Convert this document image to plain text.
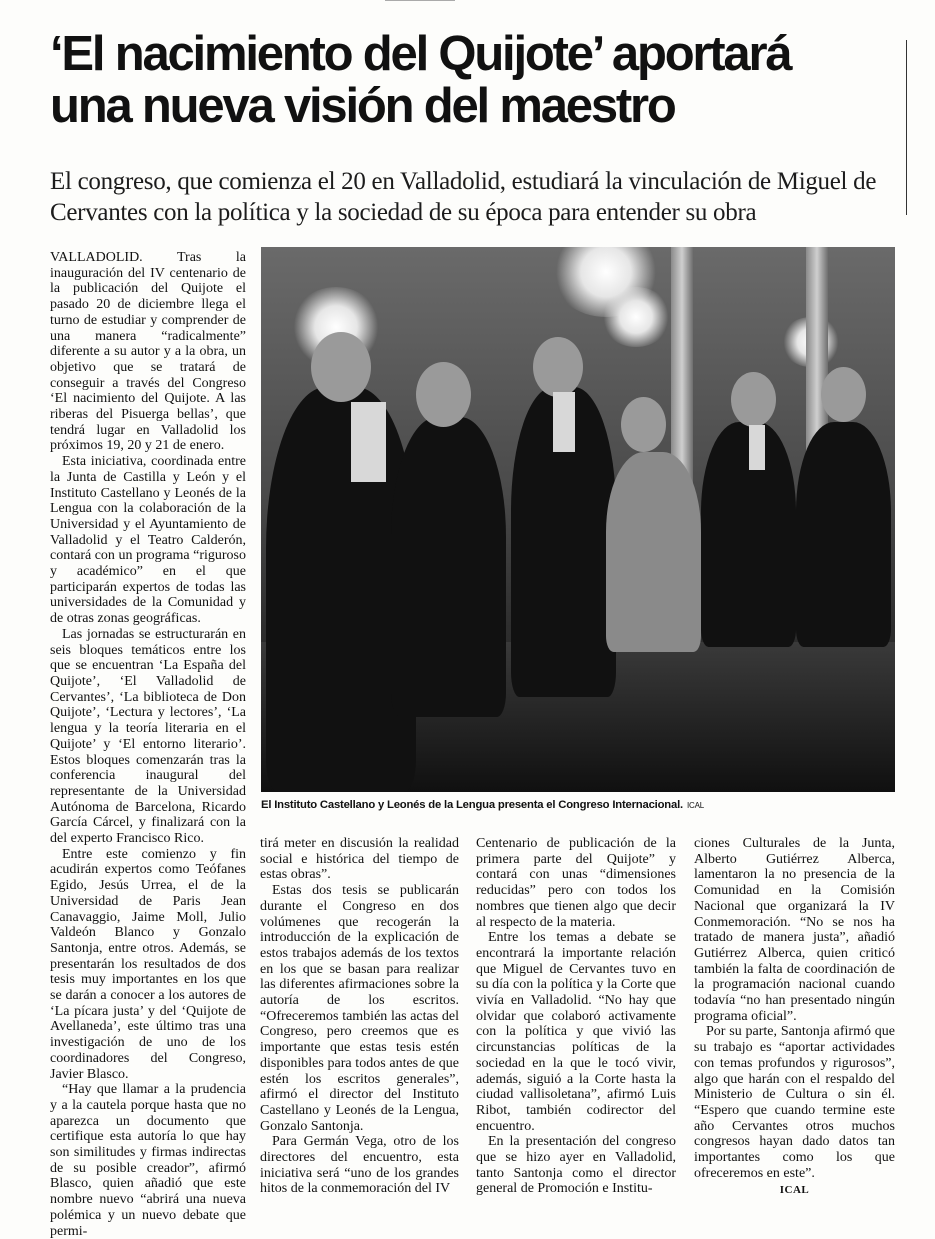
‘El nacimiento del Quijote’ aportará
una nueva visión del maestro

El congreso, que comienza el 20 en Valladolid, estudiará la vinculación de Miguel de Cervantes con la política y la sociedad de su época para entender su obra

VALLADOLID. Tras la inauguración del IV centenario de la publicación del Quijote el pasado 20 de diciembre llega el turno de estudiar y comprender de una manera “radicalmente” diferente a su autor y a la obra, un objetivo que se tratará de conseguir a través del Congreso ‘El nacimiento del Quijote. A las riberas del Pisuerga bellas’, que tendrá lugar en Valladolid los próximos 19, 20 y 21 de enero.

Esta iniciativa, coordinada entre la Junta de Castilla y León y el Instituto Castellano y Leonés de la Lengua con la colaboración de la Universidad y el Ayuntamiento de Valladolid y el Teatro Calderón, contará con un programa “riguroso y académico” en el que participarán expertos de todas las universidades de la Comunidad y de otras zonas geográficas.

Las jornadas se estructurarán en seis bloques temáticos entre los que se encuentran ‘La España del Quijote’, ‘El Valladolid de Cervantes’, ‘La biblioteca de Don Quijote’, ‘Lectura y lectores’, ‘La lengua y la teoría literaria en el Quijote’ y ‘El entorno literario’. Estos bloques comenzarán tras la conferencia inaugural del representante de la Universidad Autónoma de Barcelona, Ricardo García Cárcel, y finalizará con la del experto Francisco Rico.

Entre este comienzo y fin acudirán expertos como Teófanes Egido, Jesús Urrea, el de la Universidad de Paris Jean Canavaggio, Jaime Moll, Julio Valdeón Blanco y Gonzalo Santonja, entre otros. Además, se presentarán los resultados de dos tesis muy importantes en los que se darán a conocer a los autores de ‘La pícara justa’ y del ‘Quijote de Avellaneda’, este último tras una investigación de uno de los coordinadores del Congreso, Javier Blasco.

“Hay que llamar a la prudencia y a la cautela porque hasta que no aparezca un documento que certifique esta autoría lo que hay son similitudes y firmas indirectas de su posible creador”, afirmó Blasco, quien añadió que este nombre nuevo “abrirá una nueva polémica y un nuevo debate que permi-

El Instituto Castellano y Leonés de la Lengua presenta el Congreso Internacional. ICAL

tirá meter en discusión la realidad social e histórica del tiempo de estas obras”.

Estas dos tesis se publicarán durante el Congreso en dos volúmenes que recogerán la introducción de la explicación de estos trabajos además de los textos en los que se basan para realizar las diferentes afirmaciones sobre la autoría de los escritos. “Ofreceremos también las actas del Congreso, pero creemos que es importante que estas tesis estén disponibles para todos antes de que estén los escritos generales”, afirmó el director del Instituto Castellano y Leonés de la Lengua, Gonzalo Santonja.

Para Germán Vega, otro de los directores del encuentro, esta iniciativa será “uno de los grandes hitos de la conmemoración del IV

Centenario de publicación de la primera parte del Quijote” y contará con unas “dimensiones reducidas” pero con todos los nombres que tienen algo que decir al respecto de la materia.

Entre los temas a debate se encontrará la importante relación que Miguel de Cervantes tuvo en su día con la política y la Corte que vivía en Valladolid. “No hay que olvidar que colaboró activamente con la política y que vivió las circunstancias políticas de la sociedad en la que le tocó vivir, además, siguió a la Corte hasta la ciudad vallisoletana”, afirmó Luis Ribot, también codirector del encuentro.

En la presentación del congreso que se hizo ayer en Valladolid, tanto Santonja como el director general de Promoción e Institu-

ciones Culturales de la Junta, Alberto Gutiérrez Alberca, lamentaron la no presencia de la Comunidad en la Comisión Nacional que organizará la IV Conmemoración. “No se nos ha tratado de manera justa”, añadió Gutiérrez Alberca, quien criticó también la falta de coordinación de la programación nacional cuando todavía “no han presentado ningún programa oficial”.

Por su parte, Santonja afirmó que su trabajo es “aportar actividades con temas profundos y rigurosos”, algo que harán con el respaldo del Ministerio de Cultura o sin él. “Espero que cuando termine este año Cervantes otros muchos congresos hayan dado datos tan importantes como los que ofreceremos en este”.

ICAL
